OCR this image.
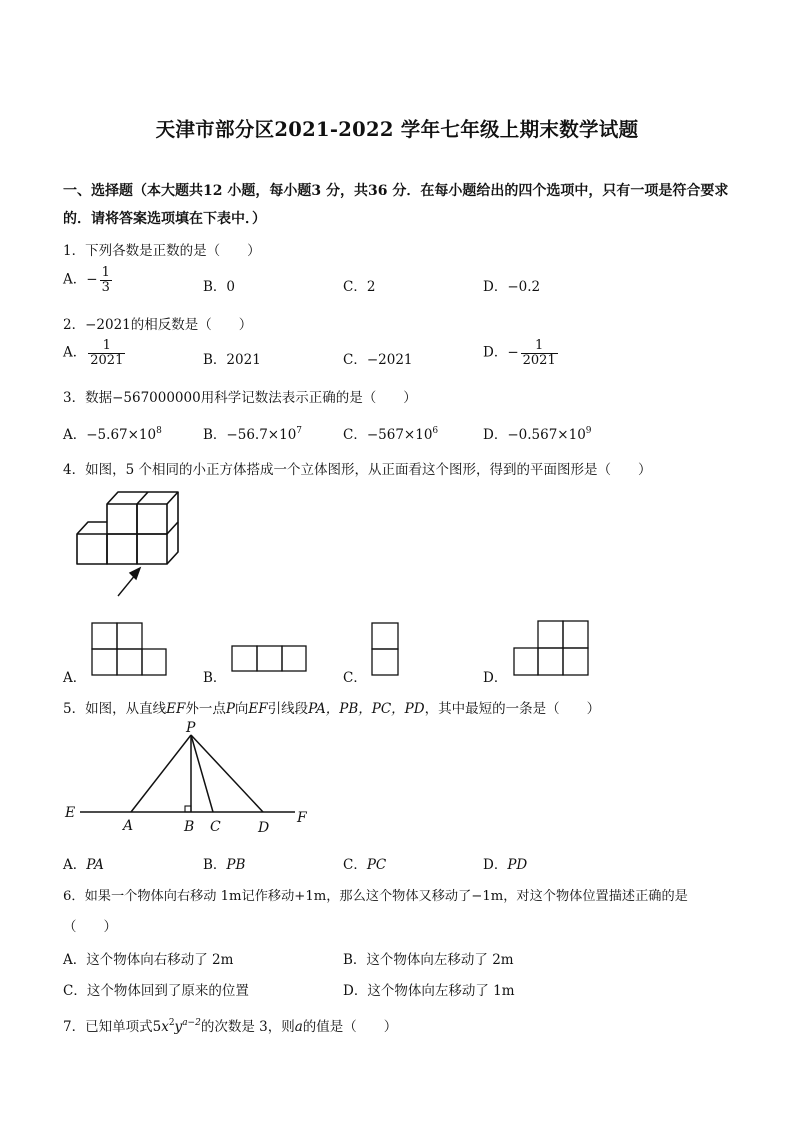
天津市部分区2021-2022 学年七年级上期末数学试题
一、选择题（本大题共12 小题，每小题3 分，共36 分．在每小题给出的四个选项中，只有一项是符合要求
的．请将答案选项填在下表中．）
1．下列各数是正数的是（　　）
A．− $\frac{1}{3}$	B．0	C．2	D．−0.2
2．−2021的相反数是（　　）
A． $\frac{1}{2021}$	B．2021	C．−2021	D．− $\frac{1}{2021}$
3．数据−567000000用科学记数法表示正确的是（　　）
A．$-5.67\times 10^8$	B．$-56.7\times 10^7$	C．$-567\times 10^6$	D．$-0.567\times 10^9$
4．如图，5 个相同的小正方体搭成一个立体图形，从正面看这个图形，得到的平面图形是（　　）
A．	B．	C．	D．
5．如图，从直线EF外一点P向EF引线段PA，PB，PC，PD，其中最短的一条是（　　）
P
E	F
A	B C	D
A．PA	B．PB	C．PC	D．PD
6．如果一个物体向右移动 1m记作移动+1m，那么这个物体又移动了−1m，对这个物体位置描述正确的是
（　　）
A．这个物体向右移动了 2m	B．这个物体向左移动了 2m
C．这个物体回到了原来的位置	D．这个物体向左移动了 1m
7．已知单项式$5x^2y^{a-2}$的次数是 3，则a的值是（　　）
